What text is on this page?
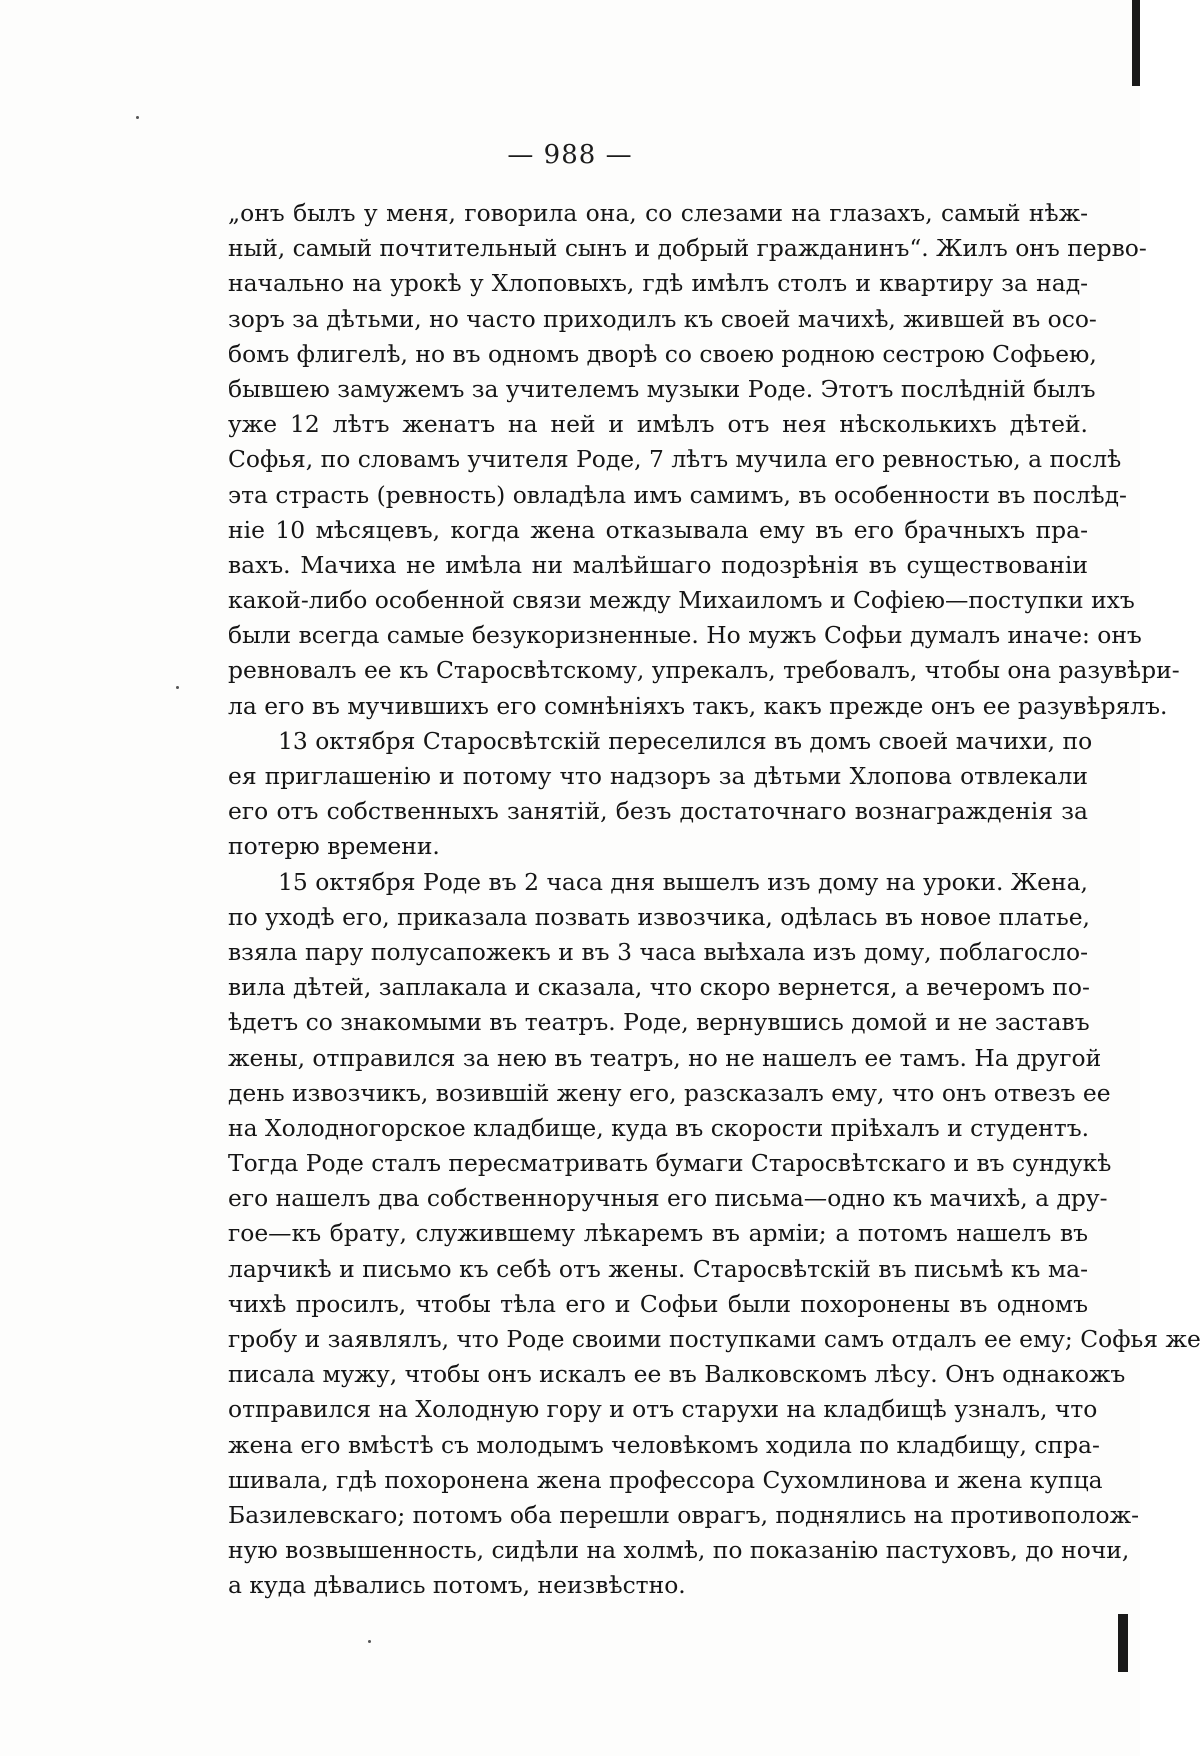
— 988 —
„онъ былъ у меня, говорила она, со слезами на глазахъ, самый нѣж-
ный, самый почтительный сынъ и добрый гражданинъ“. Жилъ онъ перво-
начально на урокѣ у Хлоповыхъ, гдѣ имѣлъ столъ и квартиру за над-
зоръ за дѣтьми, но часто приходилъ къ своей мачихѣ, жившей въ осо-
бомъ флигелѣ, но въ одномъ дворѣ со своею родною сестрою Софьею,
бывшею замужемъ за учителемъ музыки Роде. Этотъ послѣдній былъ
уже 12 лѣтъ женатъ на ней и имѣлъ отъ нея нѣсколькихъ дѣтей.
Софья, по словамъ учителя Роде, 7 лѣтъ мучила его ревностью, а послѣ
эта страсть (ревность) овладѣла имъ самимъ, въ особенности въ послѣд-
ніе 10 мѣсяцевъ, когда жена отказывала ему въ его брачныхъ пра-
вахъ. Мачиха не имѣла ни малѣйшаго подозрѣнія въ существованіи
какой-либо особенной связи между Михаиломъ и Софіею—поступки ихъ
были всегда самые безукоризненные. Но мужъ Софьи думалъ иначе: онъ
ревновалъ ее къ Старосвѣтскому, упрекалъ, требовалъ, чтобы она разувѣри-
ла его въ мучившихъ его сомнѣніяхъ такъ, какъ прежде онъ ее разувѣрялъ.
13 октября Старосвѣтскій переселился въ домъ своей мачихи, по
ея приглашенію и потому что надзоръ за дѣтьми Хлопова отвлекали
его отъ собственныхъ занятій, безъ достаточнаго вознагражденія за
потерю времени.
15 октября Роде въ 2 часа дня вышелъ изъ дому на уроки. Жена,
по уходѣ его, приказала позвать извозчика, одѣлась въ новое платье,
взяла пару полусапожекъ и въ 3 часа выѣхала изъ дому, поблагосло-
вила дѣтей, заплакала и сказала, что скоро вернется, а вечеромъ по-
ѣдетъ со знакомыми въ театръ. Роде, вернувшись домой и не заставъ
жены, отправился за нею въ театръ, но не нашелъ ее тамъ. На другой
день извозчикъ, возившій жену его, разсказалъ ему, что онъ отвезъ ее
на Холодногорское кладбище, куда въ скорости пріѣхалъ и студентъ.
Тогда Роде сталъ пересматривать бумаги Старосвѣтскаго и въ сундукѣ
его нашелъ два собственноручныя его письма—одно къ мачихѣ, а дру-
гое—къ брату, служившему лѣкаремъ въ арміи; а потомъ нашелъ въ
ларчикѣ и письмо къ себѣ отъ жены. Старосвѣтскій въ письмѣ къ ма-
чихѣ просилъ, чтобы тѣла его и Софьи были похоронены въ одномъ
гробу и заявлялъ, что Роде своими поступками самъ отдалъ ее ему; Софья же
писала мужу, чтобы онъ искалъ ее въ Валковскомъ лѣсу. Онъ однакожъ
отправился на Холодную гору и отъ старухи на кладбищѣ узналъ, что
жена его вмѣстѣ съ молодымъ человѣкомъ ходила по кладбищу, спра-
шивала, гдѣ похоронена жена профессора Сухомлинова и жена купца
Базилевскаго; потомъ оба перешли оврагъ, поднялись на противополож-
ную возвышенность, сидѣли на холмѣ, по показанію пастуховъ, до ночи,
а куда дѣвались потомъ, неизвѣстно.
